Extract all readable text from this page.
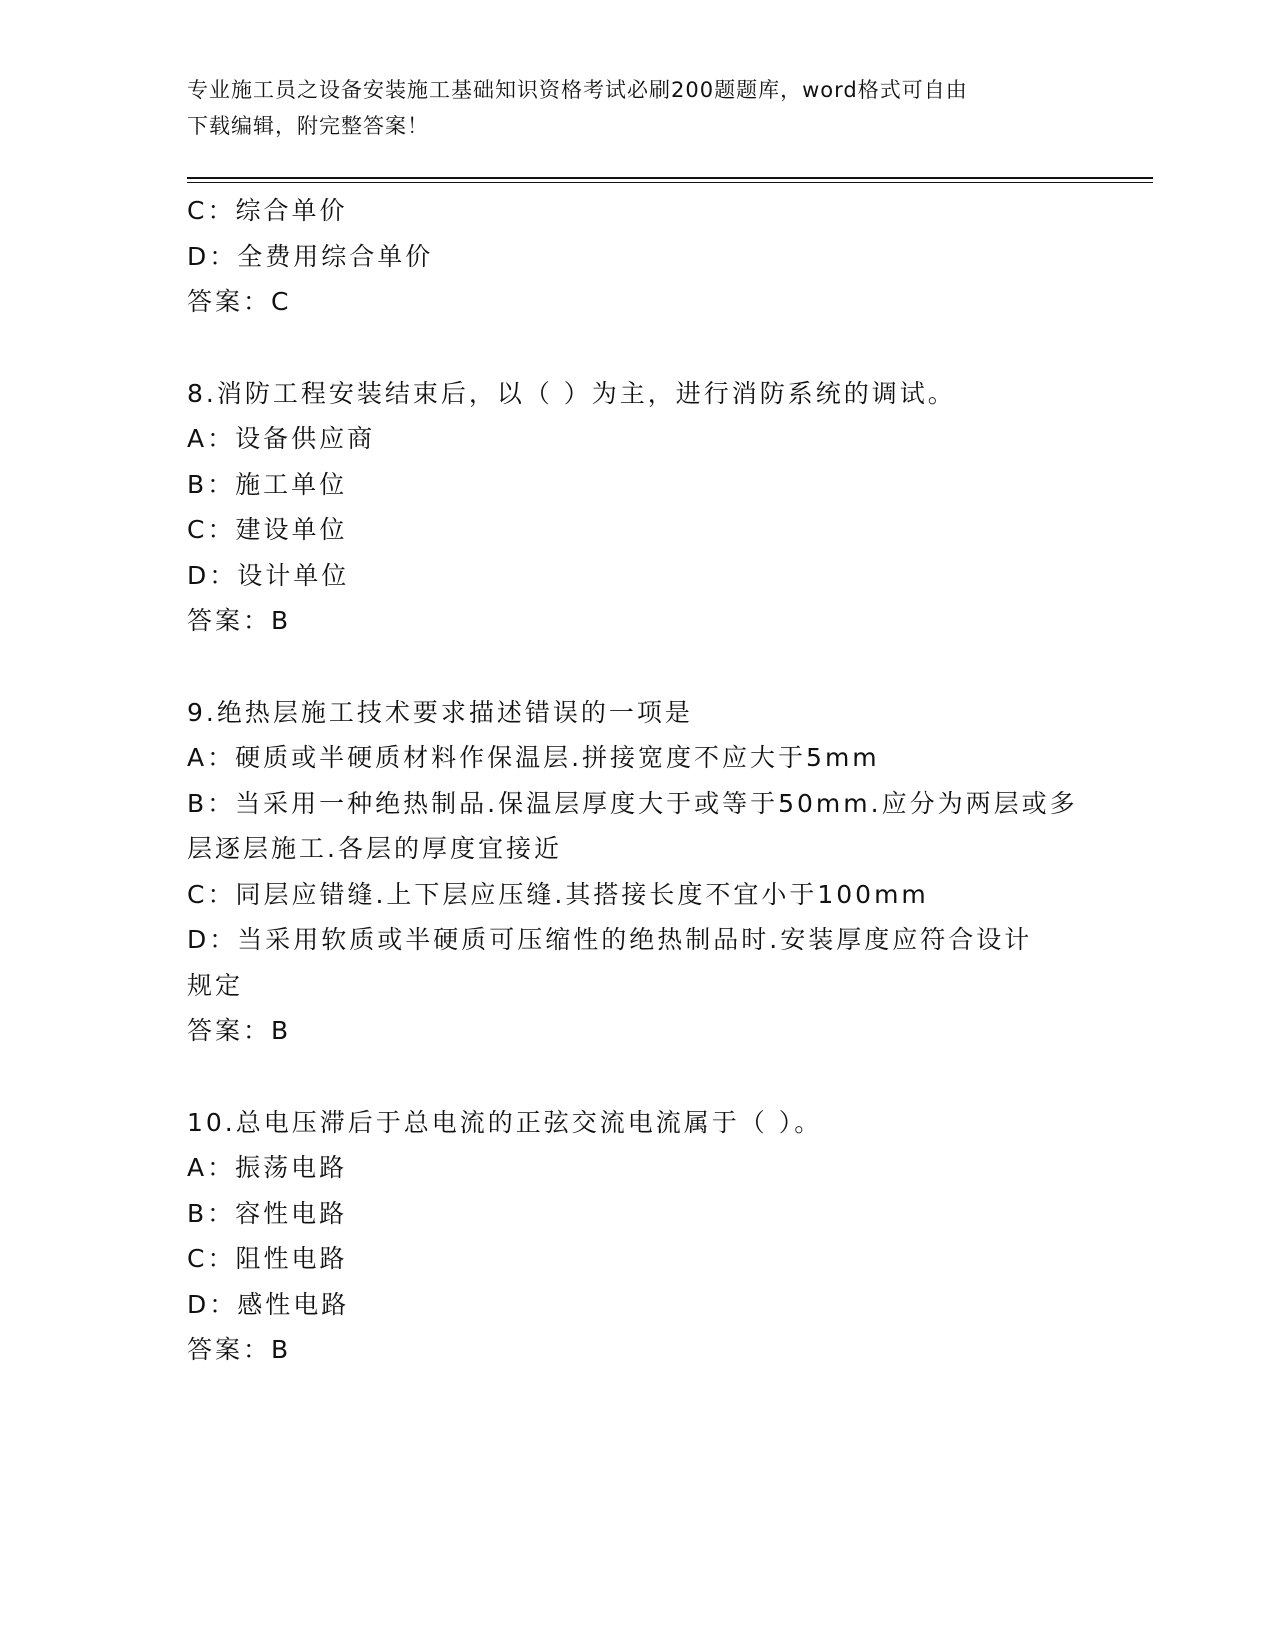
专业施工员之设备安装施工基础知识资格考试必刷200题题库，word格式可自由
下载编辑，附完整答案！
C：综合单价
D：全费用综合单价
答案：C
8.消防工程安装结束后，以（ ）为主，进行消防系统的调试。
A：设备供应商
B：施工单位
C：建设单位
D：设计单位
答案：B
9.绝热层施工技术要求描述错误的一项是
A：硬质或半硬质材料作保温层.拼接宽度不应大于5mm
B：当采用一种绝热制品.保温层厚度大于或等于50mm.应分为两层或多
层逐层施工.各层的厚度宜接近
C：同层应错缝.上下层应压缝.其搭接长度不宜小于100mm
D：当采用软质或半硬质可压缩性的绝热制品时.安装厚度应符合设计
规定
答案：B
10.总电压滞后于总电流的正弦交流电流属于（ ）。
A：振荡电路
B：容性电路
C：阻性电路
D：感性电路
答案：B
